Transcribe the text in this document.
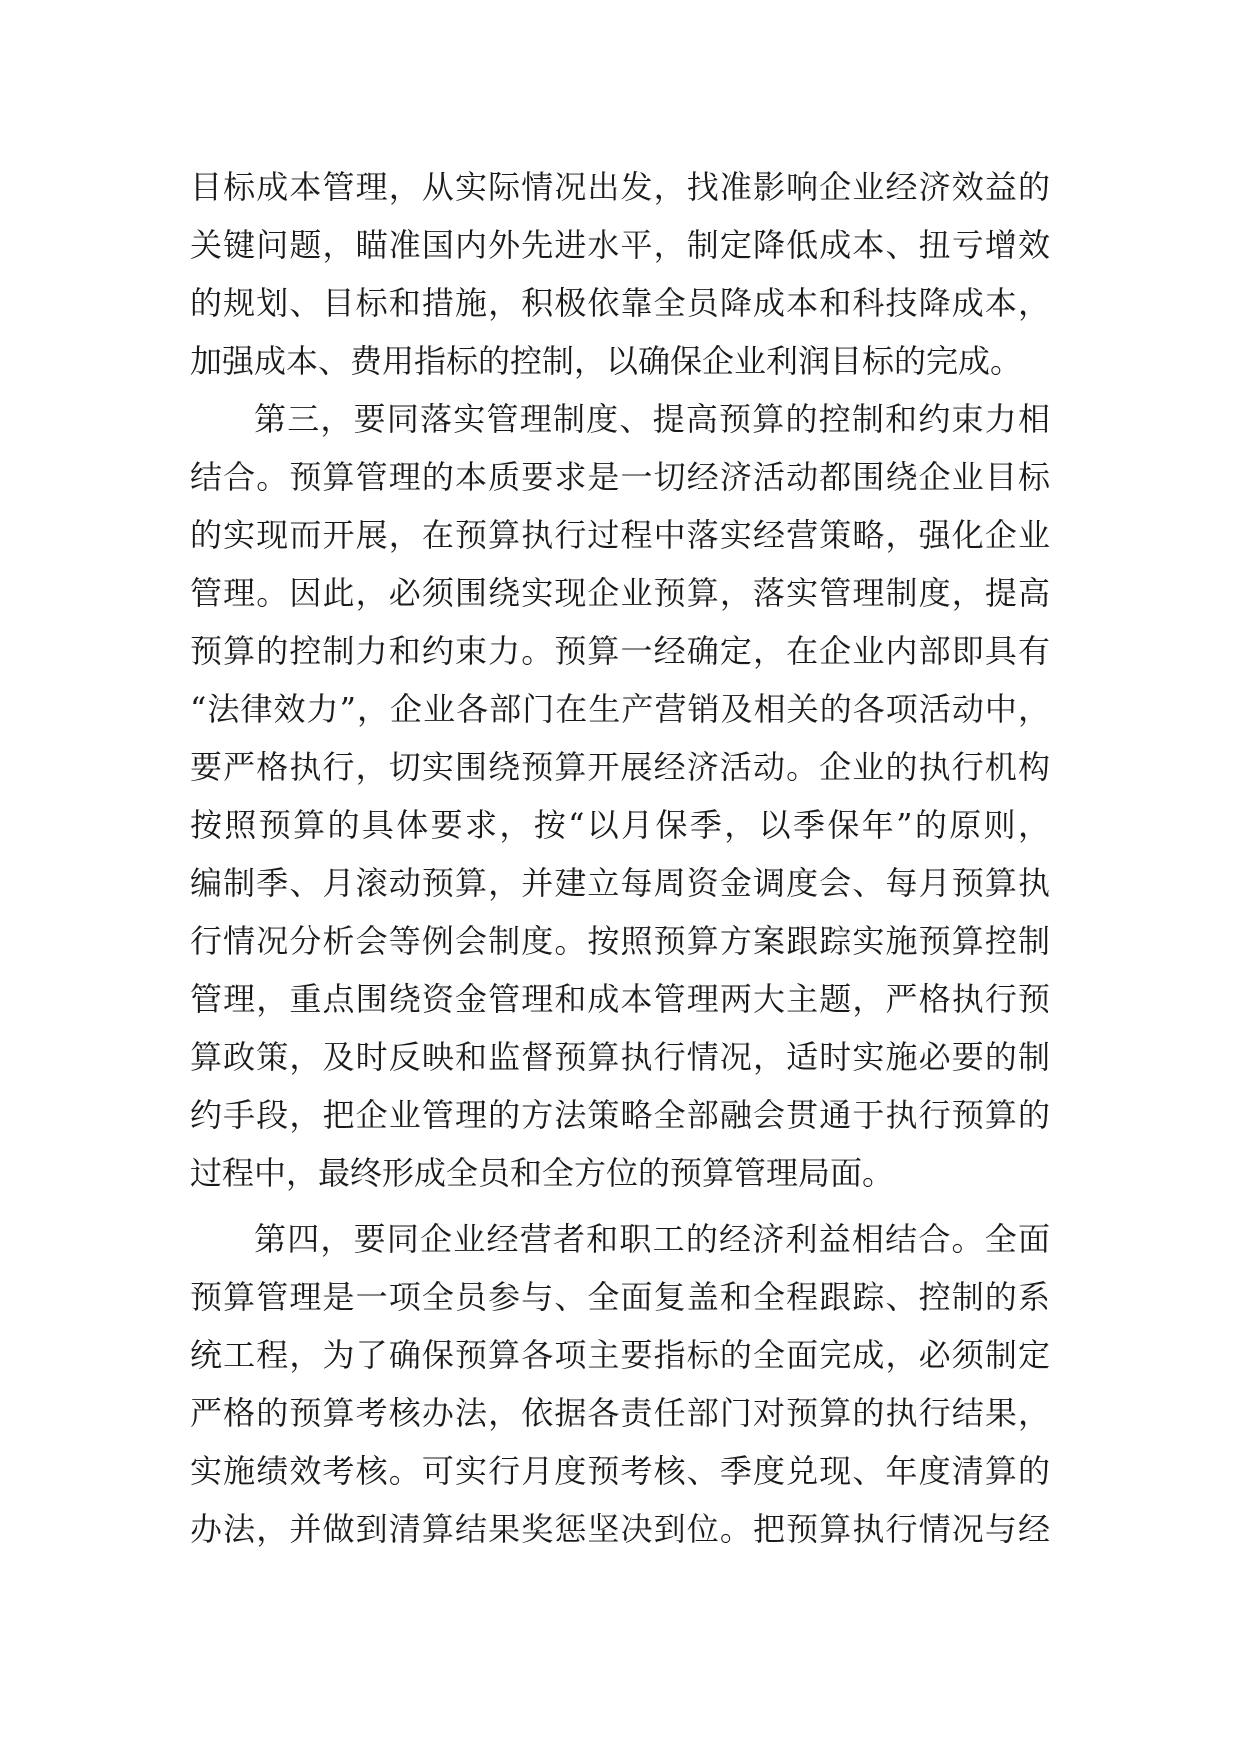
目标成本管理，从实际情况出发，找准影响企业经济效益的
关键问题，瞄准国内外先进水平，制定降低成本、扭亏增效
的规划、目标和措施，积极依靠全员降成本和科技降成本，
加强成本、费用指标的控制，以确保企业利润目标的完成。
第三，要同落实管理制度、提高预算的控制和约束力相
结合。预算管理的本质要求是一切经济活动都围绕企业目标
的实现而开展，在预算执行过程中落实经营策略，强化企业
管理。因此，必须围绕实现企业预算，落实管理制度，提高
预算的控制力和约束力。预算一经确定，在企业内部即具有
“法律效力”，企业各部门在生产营销及相关的各项活动中，
要严格执行，切实围绕预算开展经济活动。企业的执行机构
按照预算的具体要求，按“以月保季，以季保年”的原则，
编制季、月滚动预算，并建立每周资金调度会、每月预算执
行情况分析会等例会制度。按照预算方案跟踪实施预算控制
管理，重点围绕资金管理和成本管理两大主题，严格执行预
算政策，及时反映和监督预算执行情况，适时实施必要的制
约手段，把企业管理的方法策略全部融会贯通于执行预算的
过程中，最终形成全员和全方位的预算管理局面。
第四，要同企业经营者和职工的经济利益相结合。全面
预算管理是一项全员参与、全面复盖和全程跟踪、控制的系
统工程，为了确保预算各项主要指标的全面完成，必须制定
严格的预算考核办法，依据各责任部门对预算的执行结果，
实施绩效考核。可实行月度预考核、季度兑现、年度清算的
办法，并做到清算结果奖惩坚决到位。把预算执行情况与经
